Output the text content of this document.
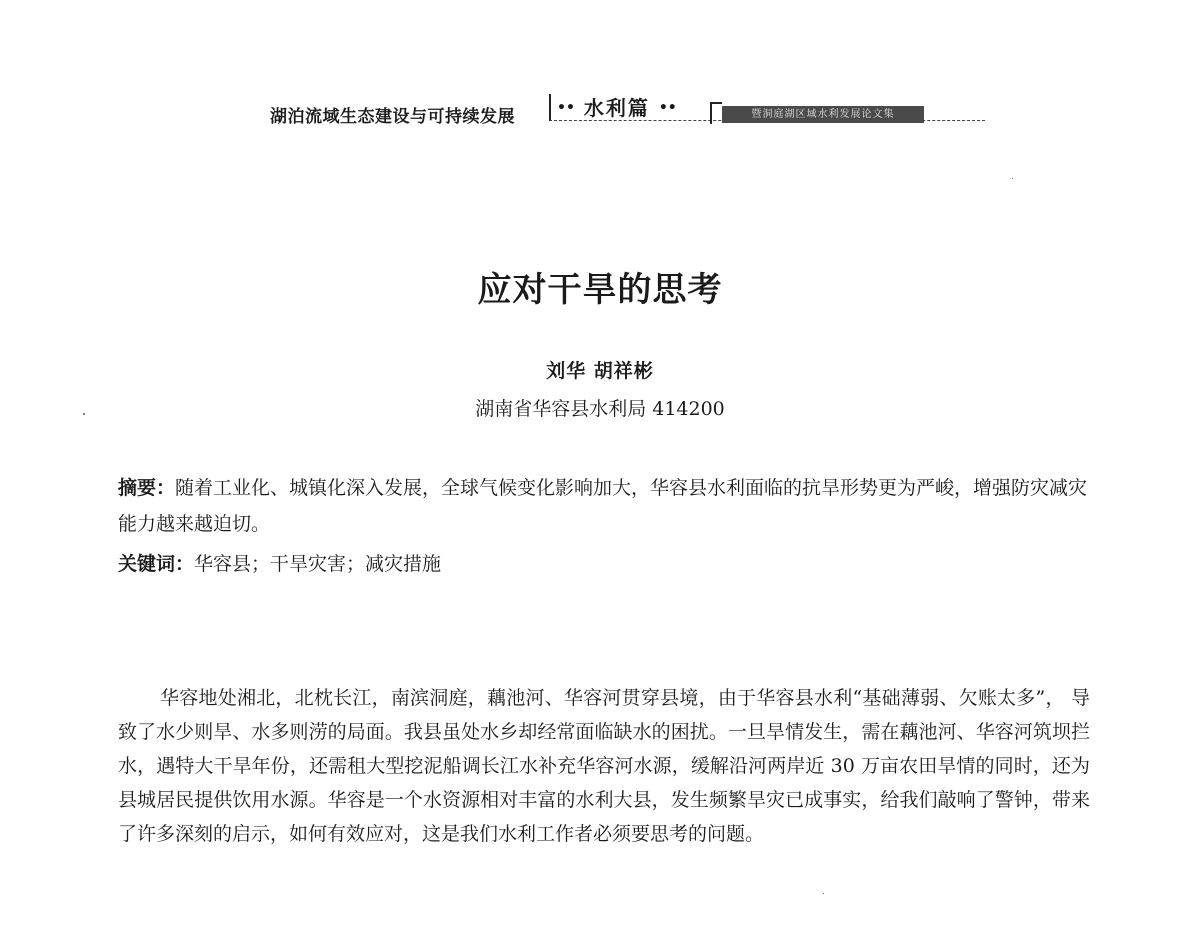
湖泊流域生态建设与可持续发展	•• 水利篇 ••	暨洞庭湖区域水利发展论文集
应对干旱的思考
刘华 胡祥彬
湖南省华容县水利局 414200
摘要：随着工业化、城镇化深入发展，全球气候变化影响加大，华容县水利面临的抗旱形势更为严峻，增强防灾减灾能力越来越迫切。
关键词：华容县；干旱灾害；减灾措施

华容地处湘北，北枕长江，南滨洞庭，藕池河、华容河贯穿县境，由于华容县水利“基础薄弱、欠账太多”， 导致了水少则旱、水多则涝的局面。我县虽处水乡却经常面临缺水的困扰。一旦旱情发生，需在藕池河、华容河筑坝拦水，遇特大干旱年份，还需租大型挖泥船调长江水补充华容河水源，缓解沿河两岸近 30 万亩农田旱情的同时，还为县城居民提供饮用水源。华容是一个水资源相对丰富的水利大县，发生频繁旱灾已成事实，给我们敲响了警钟，带来了许多深刻的启示，如何有效应对，这是我们水利工作者必须要思考的问题。
